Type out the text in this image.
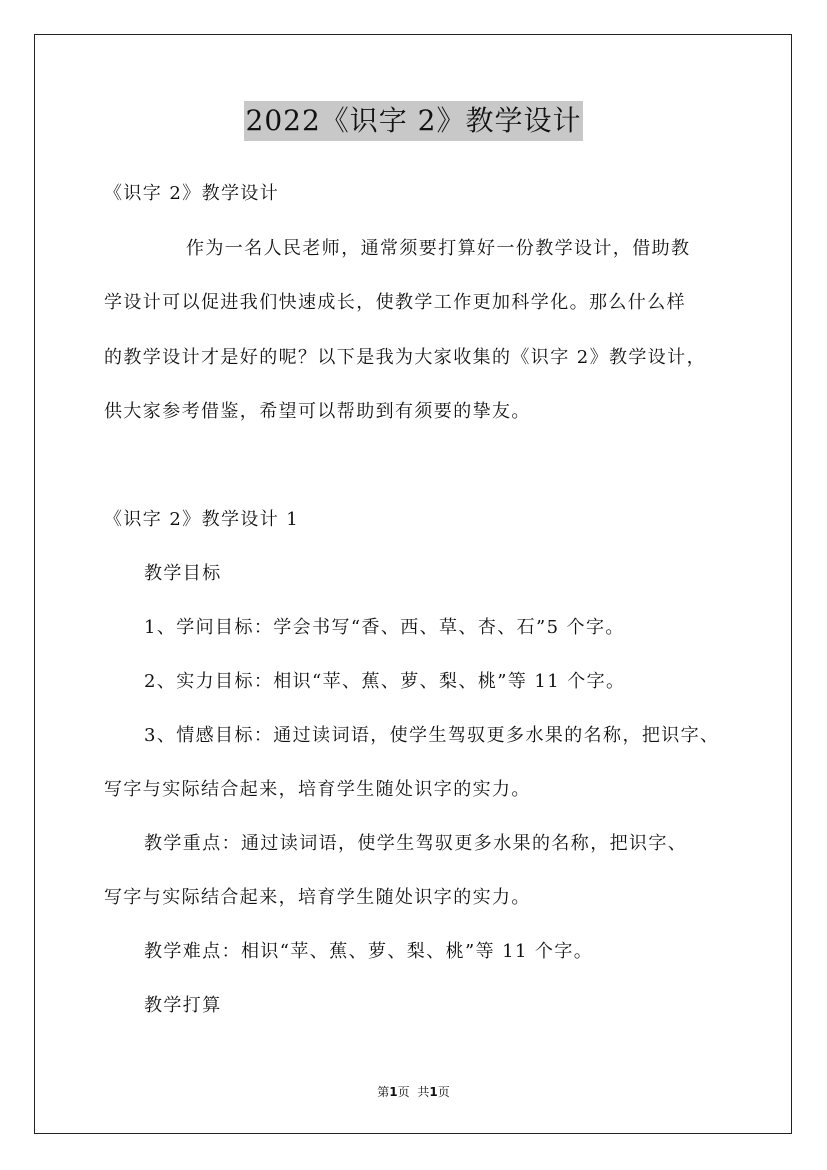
2022《识字 2》教学设计
《识字 2》教学设计
作为一名人民老师，通常须要打算好一份教学设计，借助教
学设计可以促进我们快速成长，使教学工作更加科学化。那么什么样
的教学设计才是好的呢？以下是我为大家收集的《识字 2》教学设计，
供大家参考借鉴，希望可以帮助到有须要的挚友。
《识字 2》教学设计 1
教学目标
1、学问目标：学会书写“香、西、草、杏、石”5 个字。
2、实力目标：相识“苹、蕉、萝、梨、桃”等 11 个字。
3、情感目标：通过读词语，使学生驾驭更多水果的名称，把识字、
写字与实际结合起来，培育学生随处识字的实力。
教学重点：通过读词语，使学生驾驭更多水果的名称，把识字、
写字与实际结合起来，培育学生随处识字的实力。
教学难点：相识“苹、蕉、萝、梨、桃”等 11 个字。
教学打算
第1页 共1页
